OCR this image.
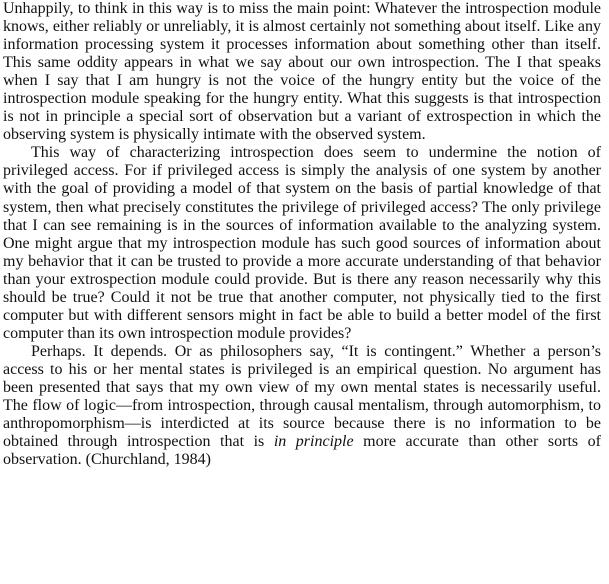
Unhappily, to think in this way is to miss the main point: Whatever the introspection module knows, either reliably or unreliably, it is almost certainly not something about itself. Like any information processing system it processes information about something other than itself. This same oddity appears in what we say about our own introspection. The I that speaks when I say that I am hungry is not the voice of the hungry entity but the voice of the introspection module speaking for the hungry entity. What this suggests is that introspection is not in principle a special sort of observation but a variant of extrospection in which the observing system is physically intimate with the observed system.

This way of characterizing introspection does seem to undermine the notion of privileged access. For if privileged access is simply the analysis of one system by another with the goal of providing a model of that system on the basis of partial knowledge of that system, then what precisely constitutes the privilege of privileged access? The only privilege that I can see remaining is in the sources of information available to the analyzing system. One might argue that my introspection module has such good sources of information about my behavior that it can be trusted to provide a more accurate understanding of that behavior than your extrospection module could provide. But is there any reason necessarily why this should be true? Could it not be true that another computer, not physically tied to the first computer but with different sensors might in fact be able to build a better model of the first computer than its own introspection module provides?

Perhaps. It depends. Or as philosophers say, “It is contingent.” Whether a person’s access to his or her mental states is privileged is an empirical question. No argument has been presented that says that my own view of my own mental states is necessarily useful. The flow of logic—from introspection, through causal mentalism, through automorphism, to anthropomorphism—is interdicted at its source because there is no information to be obtained through introspection that is in principle more accurate than other sorts of observation. (Churchland, 1984)
